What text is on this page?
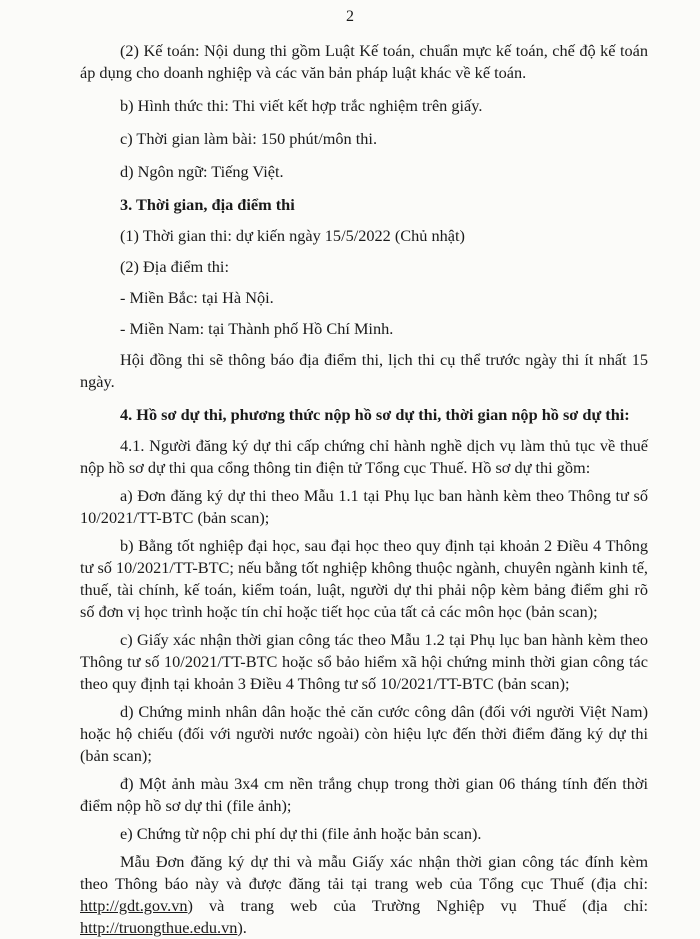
2

(2) Kế toán: Nội dung thi gồm Luật Kế toán, chuẩn mực kế toán, chế độ kế toán áp dụng cho doanh nghiệp và các văn bản pháp luật khác về kế toán.

b) Hình thức thi: Thi viết kết hợp trắc nghiệm trên giấy.

c) Thời gian làm bài: 150 phút/môn thi.

d) Ngôn ngữ: Tiếng Việt.

3. Thời gian, địa điểm thi

(1) Thời gian thi: dự kiến ngày 15/5/2022 (Chủ nhật)

(2) Địa điểm thi:

- Miền Bắc: tại Hà Nội.

- Miền Nam: tại Thành phố Hồ Chí Minh.

Hội đồng thi sẽ thông báo địa điểm thi, lịch thi cụ thể trước ngày thi ít nhất 15 ngày.

4. Hồ sơ dự thi, phương thức nộp hồ sơ dự thi, thời gian nộp hồ sơ dự thi:

4.1. Người đăng ký dự thi cấp chứng chỉ hành nghề dịch vụ làm thủ tục về thuế nộp hồ sơ dự thi qua cổng thông tin điện tử Tổng cục Thuế. Hồ sơ dự thi gồm:

a) Đơn đăng ký dự thi theo Mẫu 1.1 tại Phụ lục ban hành kèm theo Thông tư số 10/2021/TT-BTC (bản scan);

b) Bằng tốt nghiệp đại học, sau đại học theo quy định tại khoản 2 Điều 4 Thông tư số 10/2021/TT-BTC; nếu bằng tốt nghiệp không thuộc ngành, chuyên ngành kinh tế, thuế, tài chính, kế toán, kiểm toán, luật, người dự thi phải nộp kèm bảng điểm ghi rõ số đơn vị học trình hoặc tín chỉ hoặc tiết học của tất cả các môn học (bản scan);

c) Giấy xác nhận thời gian công tác theo Mẫu 1.2 tại Phụ lục ban hành kèm theo Thông tư số 10/2021/TT-BTC hoặc sổ bảo hiểm xã hội chứng minh thời gian công tác theo quy định tại khoản 3 Điều 4 Thông tư số 10/2021/TT-BTC (bản scan);

d) Chứng minh nhân dân hoặc thẻ căn cước công dân (đối với người Việt Nam) hoặc hộ chiếu (đối với người nước ngoài) còn hiệu lực đến thời điểm đăng ký dự thi (bản scan);

đ) Một ảnh màu 3x4 cm nền trắng chụp trong thời gian 06 tháng tính đến thời điểm nộp hồ sơ dự thi (file ảnh);

e) Chứng từ nộp chi phí dự thi (file ảnh hoặc bản scan).

Mẫu Đơn đăng ký dự thi và mẫu Giấy xác nhận thời gian công tác đính kèm theo Thông báo này và được đăng tải tại trang web của Tổng cục Thuế (địa chỉ: http://gdt.gov.vn) và trang web của Trường Nghiệp vụ Thuế (địa chỉ: http://truongthue.edu.vn).
